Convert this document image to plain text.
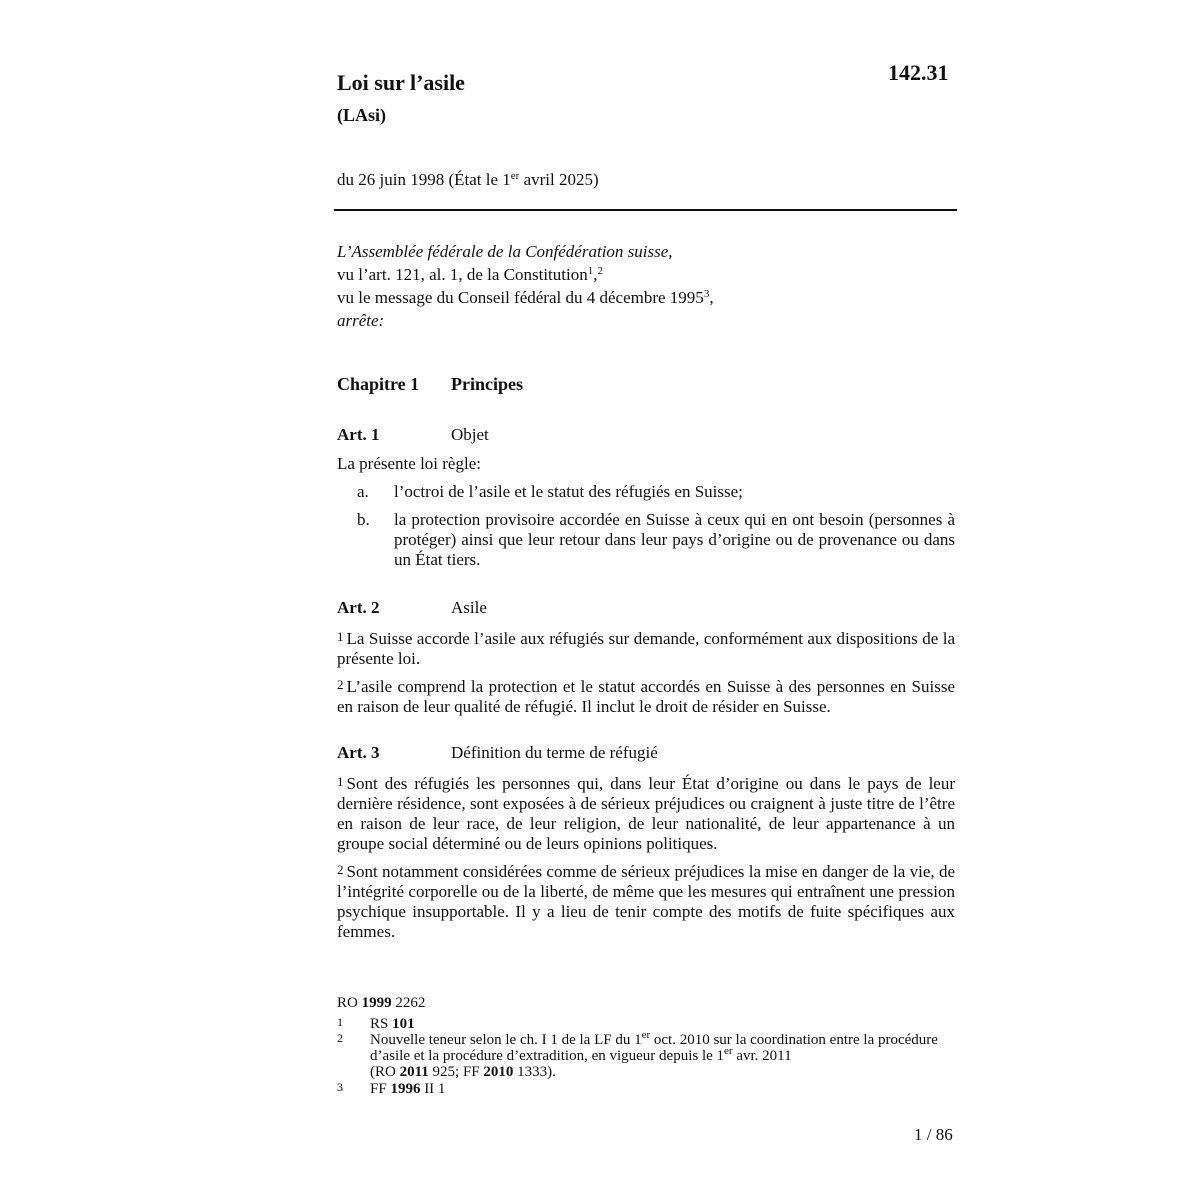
Loi sur l’asile
(LAsi)
142.31
du 26 juin 1998 (État le 1er avril 2025)

L’Assemblée fédérale de la Confédération suisse,

vu l’art. 121, al. 1, de la Constitution$^1$,$^2$

vu le message du Conseil fédéral du 4 décembre 1995$^3$,

arrête:

Chapitre 1 Principes
Art. 1	Objet

La présente loi règle:

a.	l’octroi de l’asile et le statut des réfugiés en Suisse;
b.	la protection provisoire accordée en Suisse à ceux qui en ont besoin (personnes à protéger) ainsi que leur retour dans leur pays d’origine ou de provenance ou dans un État tiers.
Art. 2	Asile

1 La Suisse accorde l’asile aux réfugiés sur demande, conformément aux dispositions de la présente loi.

2 L’asile comprend la protection et le statut accordés en Suisse à des personnes en Suisse en raison de leur qualité de réfugié. Il inclut le droit de résider en Suisse.

Art. 3	Définition du terme de réfugié

1 Sont des réfugiés les personnes qui, dans leur État d’origine ou dans le pays de leur dernière résidence, sont exposées à de sérieux préjudices ou craignent à juste titre de l’être en raison de leur race, de leur religion, de leur nationalité, de leur appartenance à un groupe social déterminé ou de leurs opinions politiques.

2 Sont notamment considérées comme de sérieux préjudices la mise en danger de la vie, de l’intégrité corporelle ou de la liberté, de même que les mesures qui entraînent une pression psychique insupportable. Il y a lieu de tenir compte des motifs de fuite spécifiques aux femmes.

RO 1999 2262
1 RS 101
2 Nouvelle teneur selon le ch. I 1 de la LF du 1er oct. 2010 sur la coordination entre la procédure d’asile et la procédure d’extradition, en vigueur depuis le 1er avr. 2011
(RO 2011 925; FF 2010 1333).
3 FF 1996 II 1
1 / 86
